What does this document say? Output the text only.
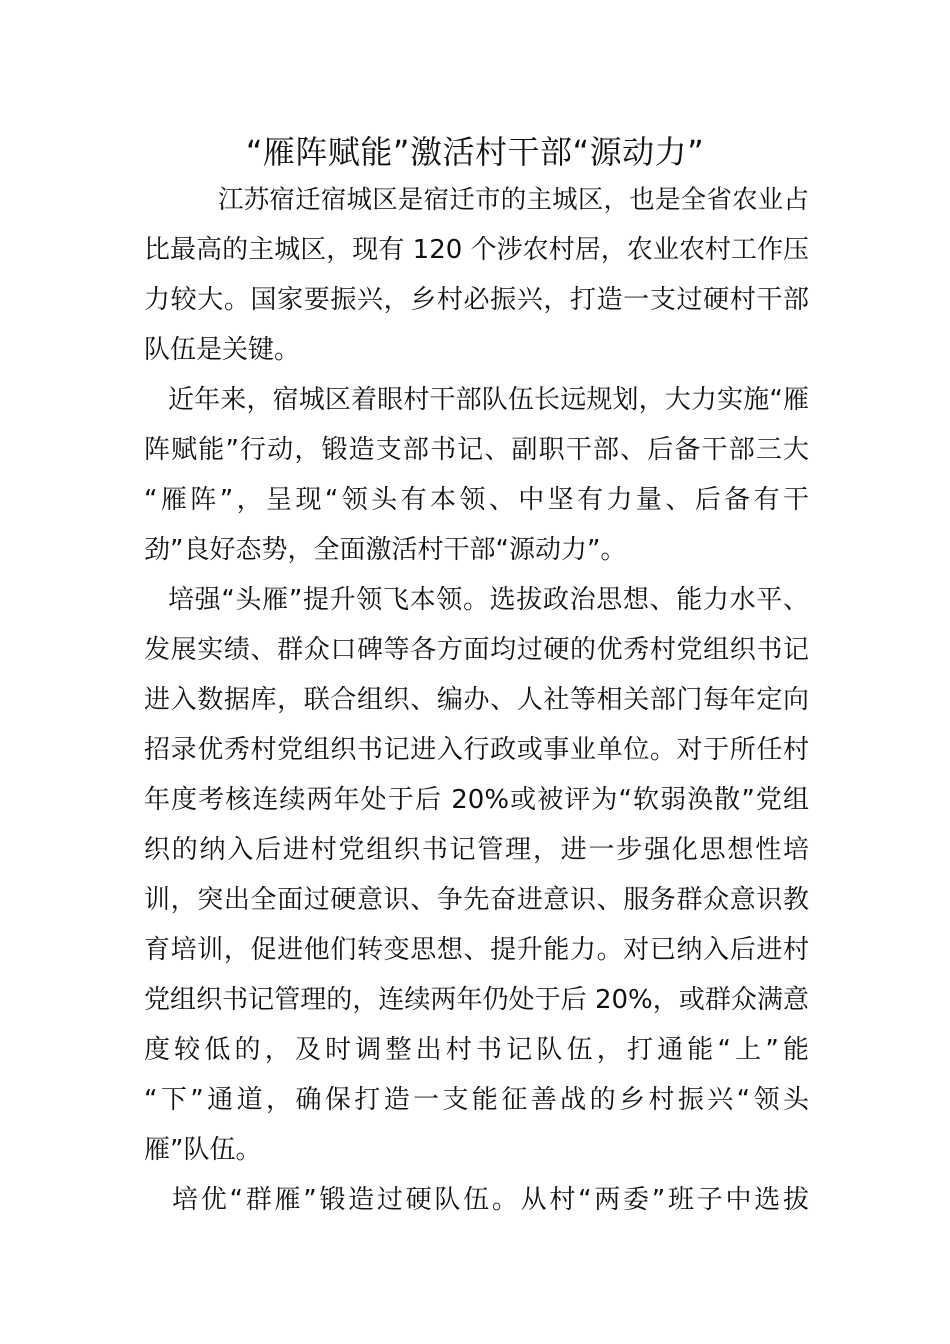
“雁阵赋能”激活村干部“源动力”
江苏宿迁宿城区是宿迁市的主城区，也是全省农业占
比最高的主城区，现有 120 个涉农村居，农业农村工作压
力较大。国家要振兴，乡村必振兴，打造一支过硬村干部
队伍是关键。
近年来，宿城区着眼村干部队伍长远规划，大力实施“雁
阵赋能”行动，锻造支部书记、副职干部、后备干部三大
“雁阵”，呈现“领头有本领、中坚有力量、后备有干
劲”良好态势，全面激活村干部“源动力”。
培强“头雁”提升领飞本领。选拔政治思想、能力水平、
发展实绩、群众口碑等各方面均过硬的优秀村党组织书记
进入数据库，联合组织、编办、人社等相关部门每年定向
招录优秀村党组织书记进入行政或事业单位。对于所任村
年度考核连续两年处于后 20%或被评为“软弱涣散”党组
织的纳入后进村党组织书记管理，进一步强化思想性培
训，突出全面过硬意识、争先奋进意识、服务群众意识教
育培训，促进他们转变思想、提升能力。对已纳入后进村
党组织书记管理的，连续两年仍处于后 20%，或群众满意
度较低的，及时调整出村书记队伍，打通能“上”能
“下”通道，确保打造一支能征善战的乡村振兴“领头
雁”队伍。
培优“群雁”锻造过硬队伍。从村“两委”班子中选拔
